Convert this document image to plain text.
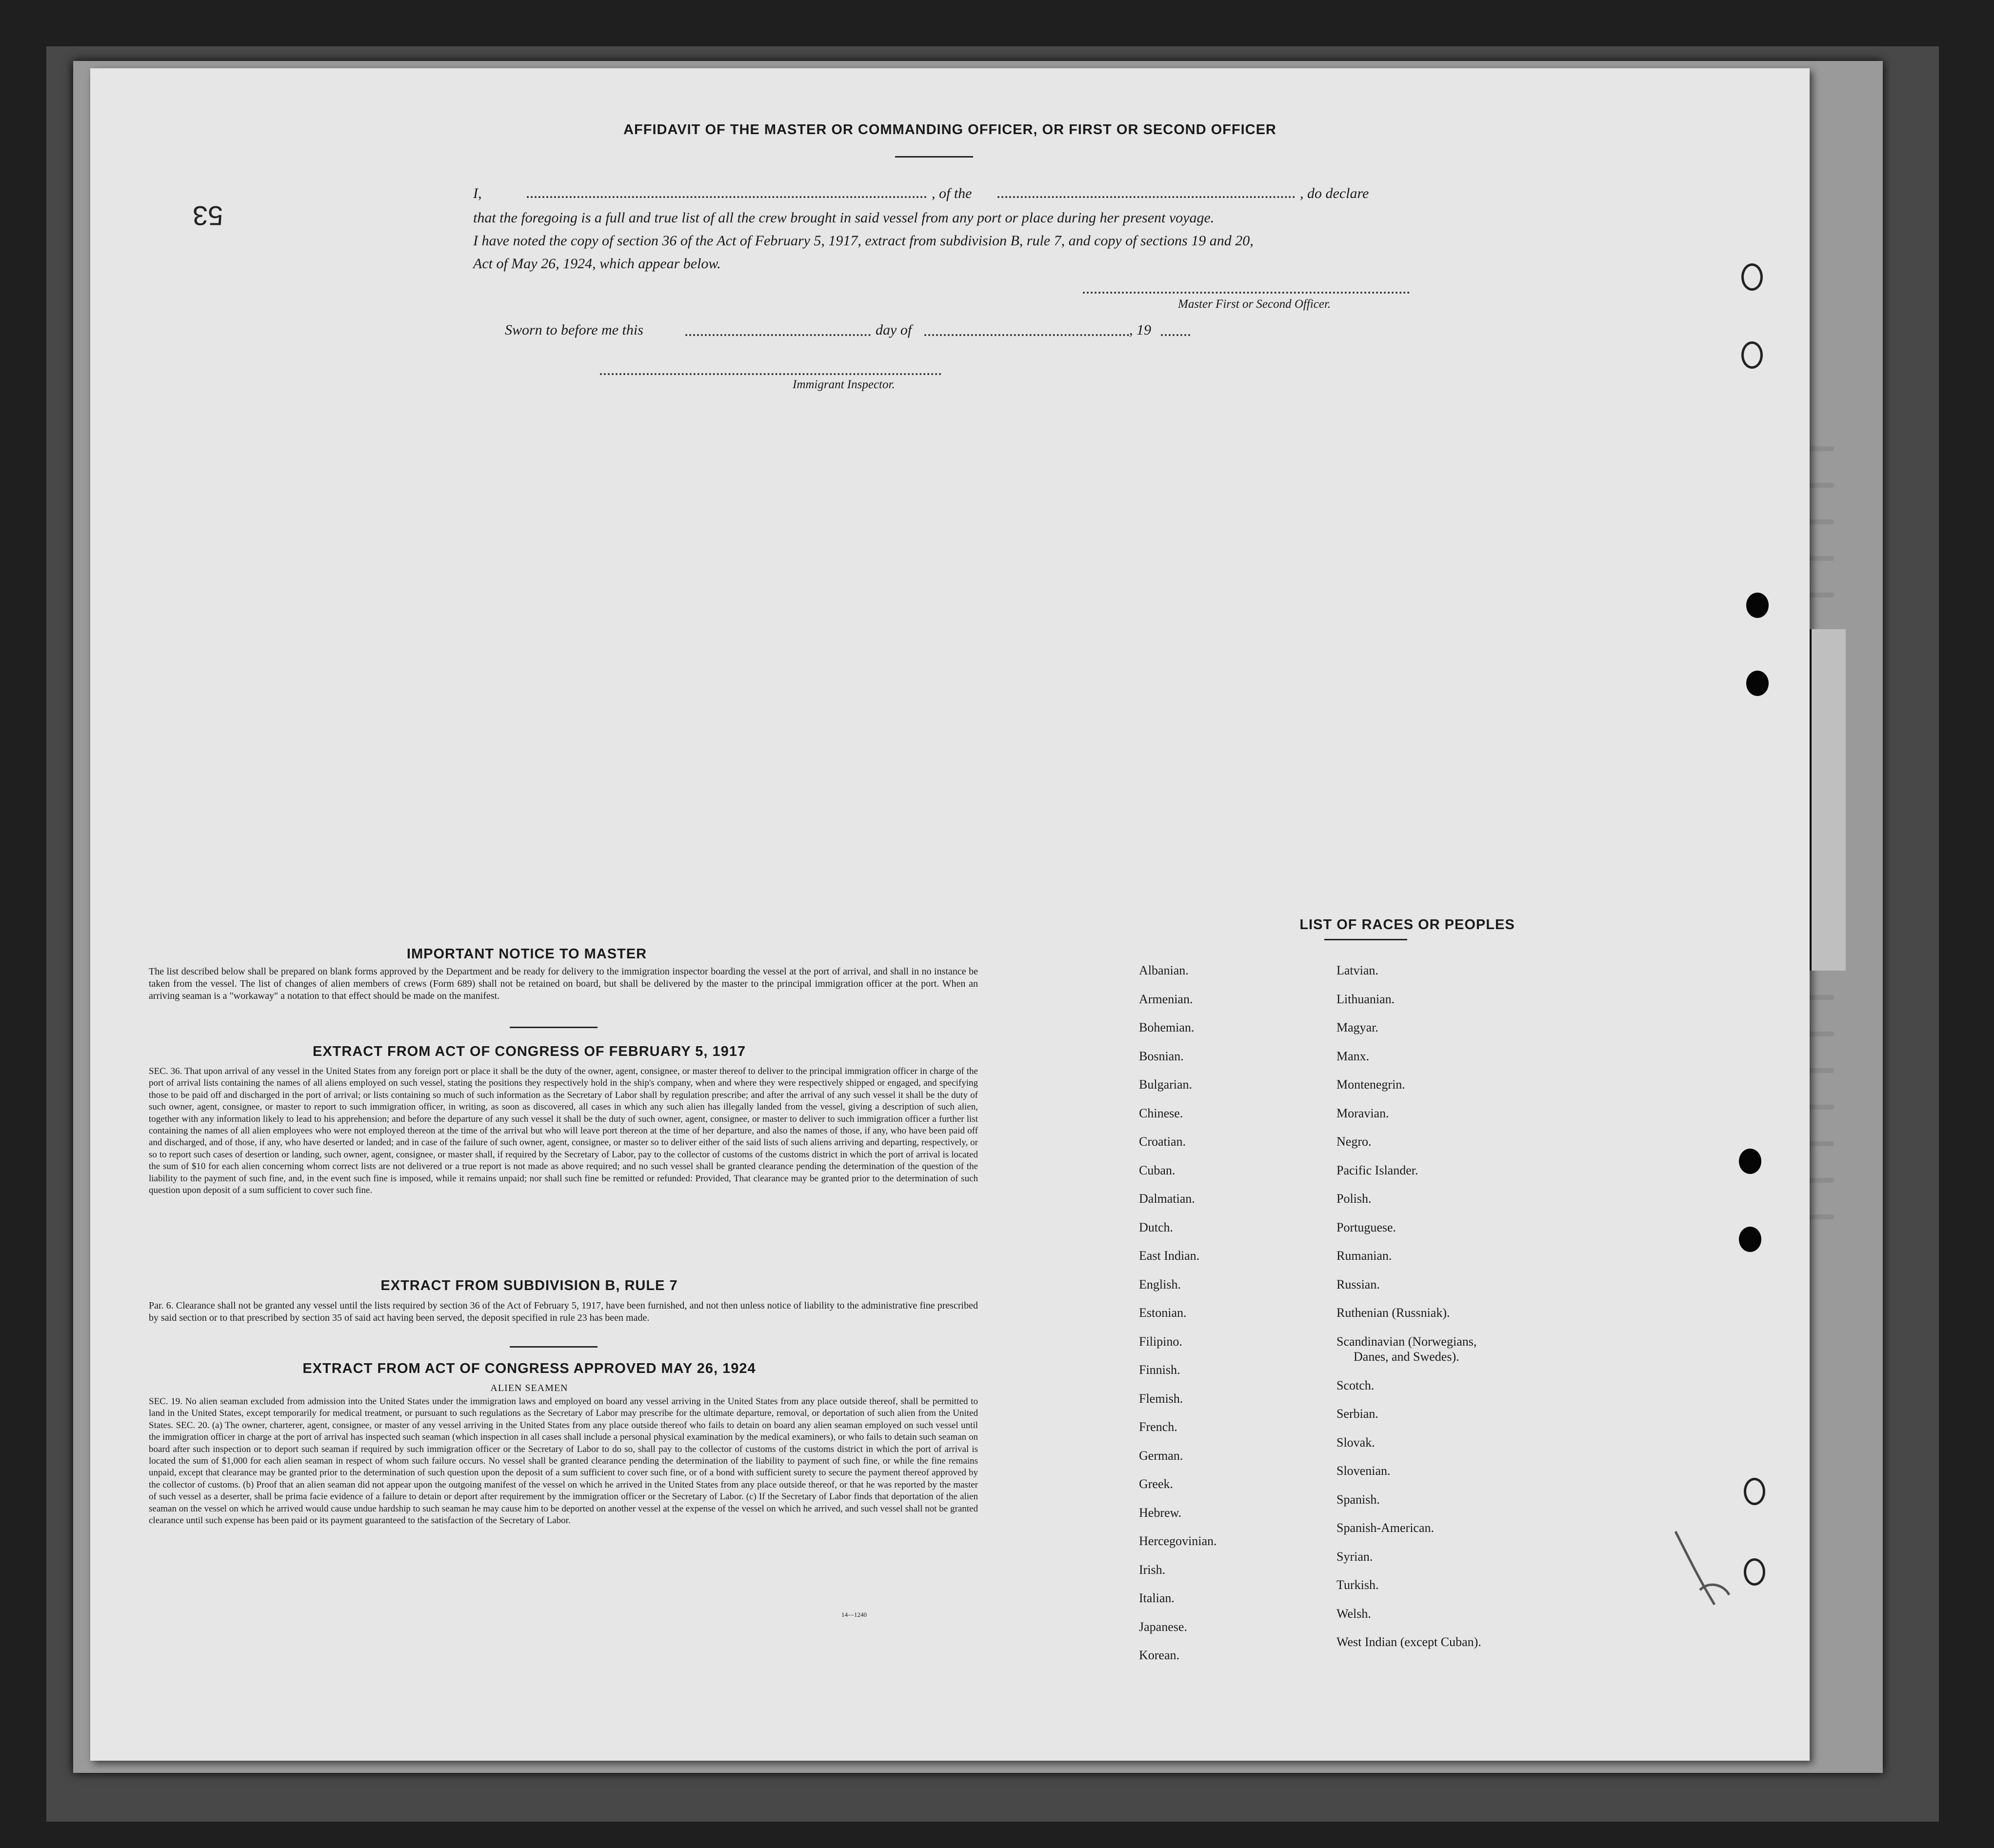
53
AFFIDAVIT OF THE MASTER OR COMMANDING OFFICER, OR FIRST OR SECOND OFFICER
I,	, of the	, do declare
that the foregoing is a full and true list of all the crew brought in said vessel from any port or place during her present voyage.
I have noted the copy of section 36 of the Act of February 5, 1917, extract from subdivision B, rule 7, and copy of sections 19 and 20,
Act of May 26, 1924, which appear below.
Master First or Second Officer.
Sworn to before me this	day of	, 19
Immigrant Inspector.
IMPORTANT NOTICE TO MASTER
The list described below shall be prepared on blank forms approved by the Department and be ready for delivery to the immigration inspector boarding the vessel at the port of arrival, and shall in no instance be taken from the vessel. The list of changes of alien members of crews (Form 689) shall not be retained on board, but shall be delivered by the master to the principal immigration officer at the port. When an arriving seaman is a "workaway" a notation to that effect should be made on the manifest.
EXTRACT FROM ACT OF CONGRESS OF FEBRUARY 5, 1917
SEC. 36. That upon arrival of any vessel in the United States from any foreign port or place it shall be the duty of the owner, agent, consignee, or master thereof to deliver to the principal immigration officer in charge of the port of arrival lists containing the names of all aliens employed on such vessel, stating the positions they respectively hold in the ship's company, when and where they were respectively shipped or engaged, and specifying those to be paid off and discharged in the port of arrival; or lists containing so much of such information as the Secretary of Labor shall by regulation prescribe; and after the arrival of any such vessel it shall be the duty of such owner, agent, consignee, or master to report to such immigration officer, in writing, as soon as discovered, all cases in which any such alien has illegally landed from the vessel, giving a description of such alien, together with any information likely to lead to his apprehension; and before the departure of any such vessel it shall be the duty of such owner, agent, consignee, or master to deliver to such immigration officer a further list containing the names of all alien employees who were not employed thereon at the time of the arrival but who will leave port thereon at the time of her departure, and also the names of those, if any, who have been paid off and discharged, and of those, if any, who have deserted or landed; and in case of the failure of such owner, agent, consignee, or master so to deliver either of the said lists of such aliens arriving and departing, respectively, or so to report such cases of desertion or landing, such owner, agent, consignee, or master shall, if required by the Secretary of Labor, pay to the collector of customs of the customs district in which the port of arrival is located the sum of $10 for each alien concerning whom correct lists are not delivered or a true report is not made as above required; and no such vessel shall be granted clearance pending the determination of the question of the liability to the payment of such fine, and, in the event such fine is imposed, while it remains unpaid; nor shall such fine be remitted or refunded: Provided, That clearance may be granted prior to the determination of such question upon deposit of a sum sufficient to cover such fine.
EXTRACT FROM SUBDIVISION B, RULE 7
Par. 6. Clearance shall not be granted any vessel until the lists required by section 36 of the Act of February 5, 1917, have been furnished, and not then unless notice of liability to the administrative fine prescribed by said section or to that prescribed by section 35 of said act having been served, the deposit specified in rule 23 has been made.
EXTRACT FROM ACT OF CONGRESS APPROVED MAY 26, 1924
ALIEN SEAMEN
SEC. 19. No alien seaman excluded from admission into the United States under the immigration laws and employed on board any vessel arriving in the United States from any place outside thereof, shall be permitted to land in the United States, except temporarily for medical treatment, or pursuant to such regulations as the Secretary of Labor may prescribe for the ultimate departure, removal, or deportation of such alien from the United States. SEC. 20. (a) The owner, charterer, agent, consignee, or master of any vessel arriving in the United States from any place outside thereof who fails to detain on board any alien seaman employed on such vessel until the immigration officer in charge at the port of arrival has inspected such seaman (which inspection in all cases shall include a personal physical examination by the medical examiners), or who fails to detain such seaman on board after such inspection or to deport such seaman if required by such immigration officer or the Secretary of Labor to do so, shall pay to the collector of customs of the customs district in which the port of arrival is located the sum of $1,000 for each alien seaman in respect of whom such failure occurs. No vessel shall be granted clearance pending the determination of the liability to payment of such fine, or while the fine remains unpaid, except that clearance may be granted prior to the determination of such question upon the deposit of a sum sufficient to cover such fine, or of a bond with sufficient surety to secure the payment thereof approved by the collector of customs. (b) Proof that an alien seaman did not appear upon the outgoing manifest of the vessel on which he arrived in the United States from any place outside thereof, or that he was reported by the master of such vessel as a deserter, shall be prima facie evidence of a failure to detain or deport after requirement by the immigration officer or the Secretary of Labor. (c) If the Secretary of Labor finds that deportation of the alien seaman on the vessel on which he arrived would cause undue hardship to such seaman he may cause him to be deported on another vessel at the expense of the vessel on which he arrived, and such vessel shall not be granted clearance until such expense has been paid or its payment guaranteed to the satisfaction of the Secretary of Labor.
14—1240
LIST OF RACES OR PEOPLES
Albanian.
Armenian.
Bohemian.
Bosnian.
Bulgarian.
Chinese.
Croatian.
Cuban.
Dalmatian.
Dutch.
East Indian.
English.
Estonian.
Filipino.
Finnish.
Flemish.
French.
German.
Greek.
Hebrew.
Hercegovinian.
Irish.
Italian.
Japanese.
Korean.
Latvian.
Lithuanian.
Magyar.
Manx.
Montenegrin.
Moravian.
Negro.
Pacific Islander.
Polish.
Portuguese.
Rumanian.
Russian.
Ruthenian (Russniak).
Scandinavian (Norwegians,
Danes, and Swedes).
Scotch.
Serbian.
Slovak.
Slovenian.
Spanish.
Spanish-American.
Syrian.
Turkish.
Welsh.
West Indian (except Cuban).
